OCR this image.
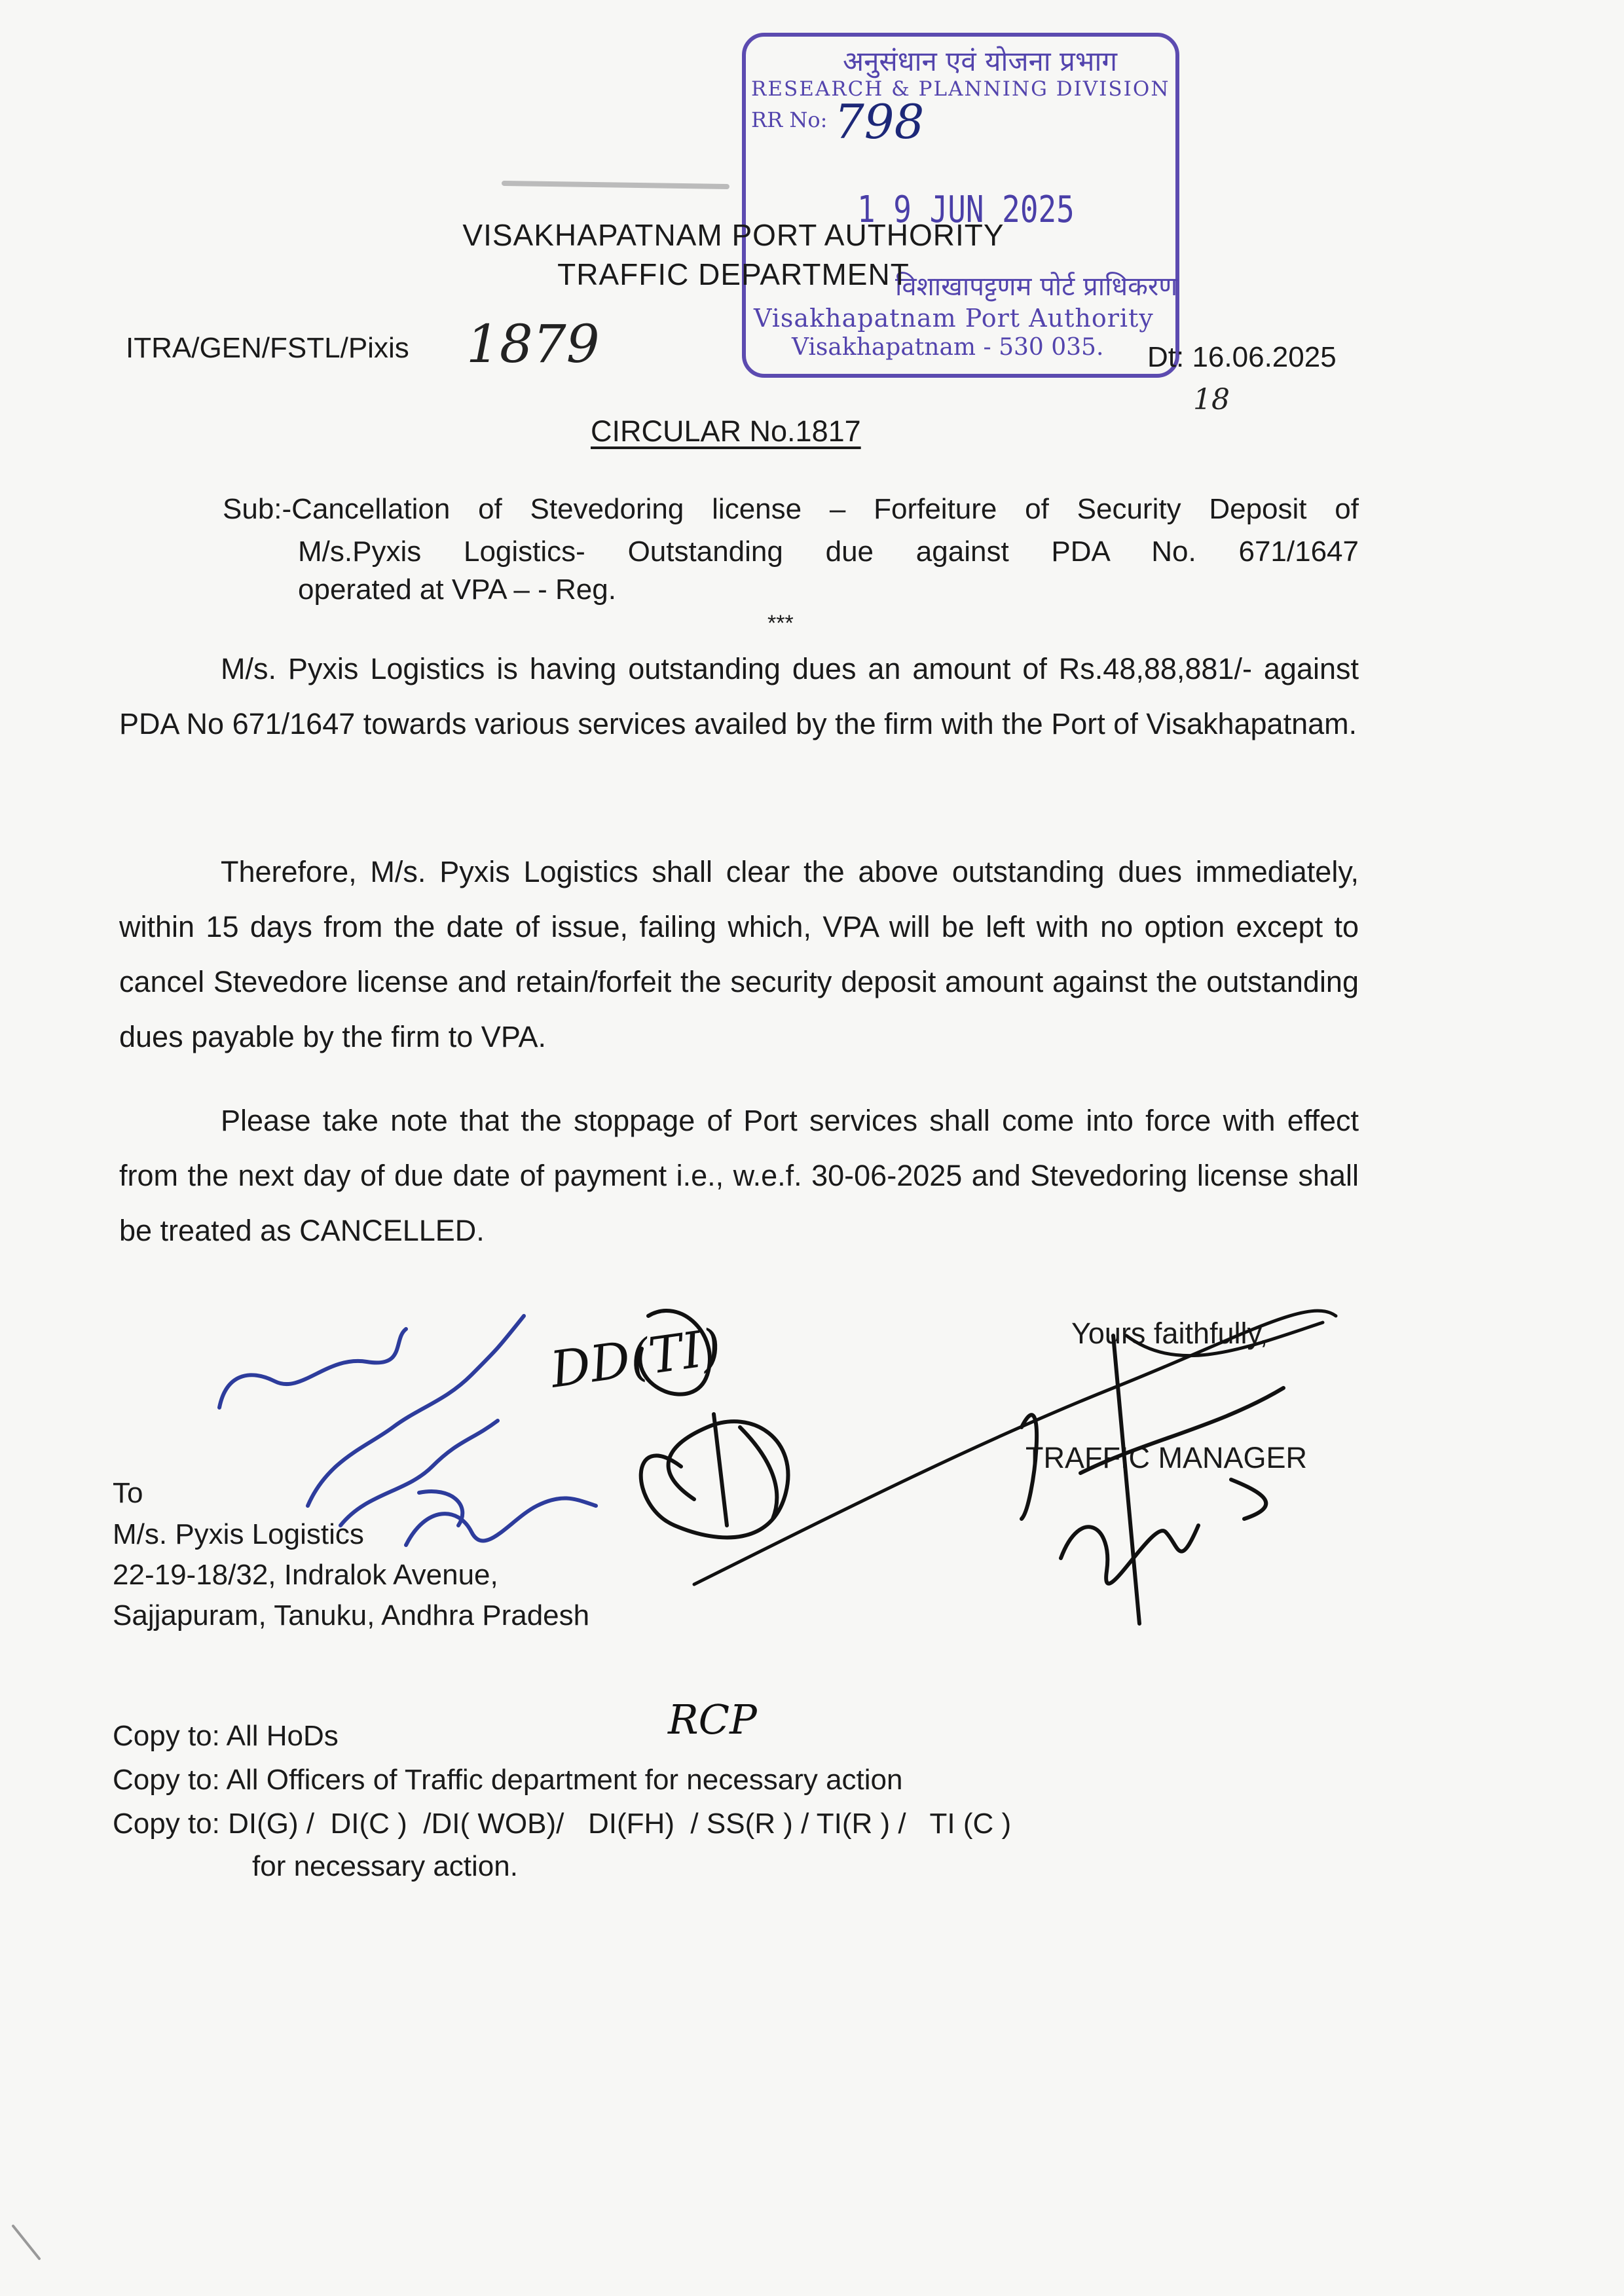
अनुसंधान एवं योजना प्रभाग
RESEARCH & PLANNING DIVISION
RR No: 798
1 9 JUN 2025
विशाखापट्टणम पोर्ट प्राधिकरण
Visakhapatnam Port Authority
Visakhapatnam - 530 035.
VISAKHAPATNAM PORT AUTHORITY
TRAFFIC DEPARTMENT
ITRA/GEN/FSTL/Pixis 1879	Dt: 16.06.2025
18
CIRCULAR No.1817
Sub:-Cancellation of Stevedoring license – Forfeiture of Security Deposit of
M/s.Pyxis Logistics- Outstanding due against PDA No. 671/1647
operated at VPA – - Reg.
***
M/s. Pyxis Logistics is having outstanding dues an amount of Rs.48,88,881/- against PDA No 671/1647 towards various services availed by the firm with the Port of Visakhapatnam.
Therefore, M/s. Pyxis Logistics shall clear the above outstanding dues immediately, within 15 days from the date of issue, failing which, VPA will be left with no option except to cancel Stevedore license and retain/forfeit the security deposit amount against the outstanding dues payable by the firm to VPA.
Please take note that the stoppage of Port services shall come into force with effect from the next day of due date of payment i.e., w.e.f. 30-06-2025 and Stevedoring license shall be treated as CANCELLED.
Yours faithfully,
TRAFFIC MANAGER
To
M/s. Pyxis Logistics
22-19-18/32, Indralok Avenue,
Sajjapuram, Tanuku, Andhra Pradesh
DD(TI)
RCP
Copy to: All HoDs
Copy to: All Officers of Traffic department for necessary action
Copy to: DI(G) /  DI(C )  /DI( WOB)/   DI(FH)  / SS(R ) / TI(R ) /   TI (C )
for necessary action.
